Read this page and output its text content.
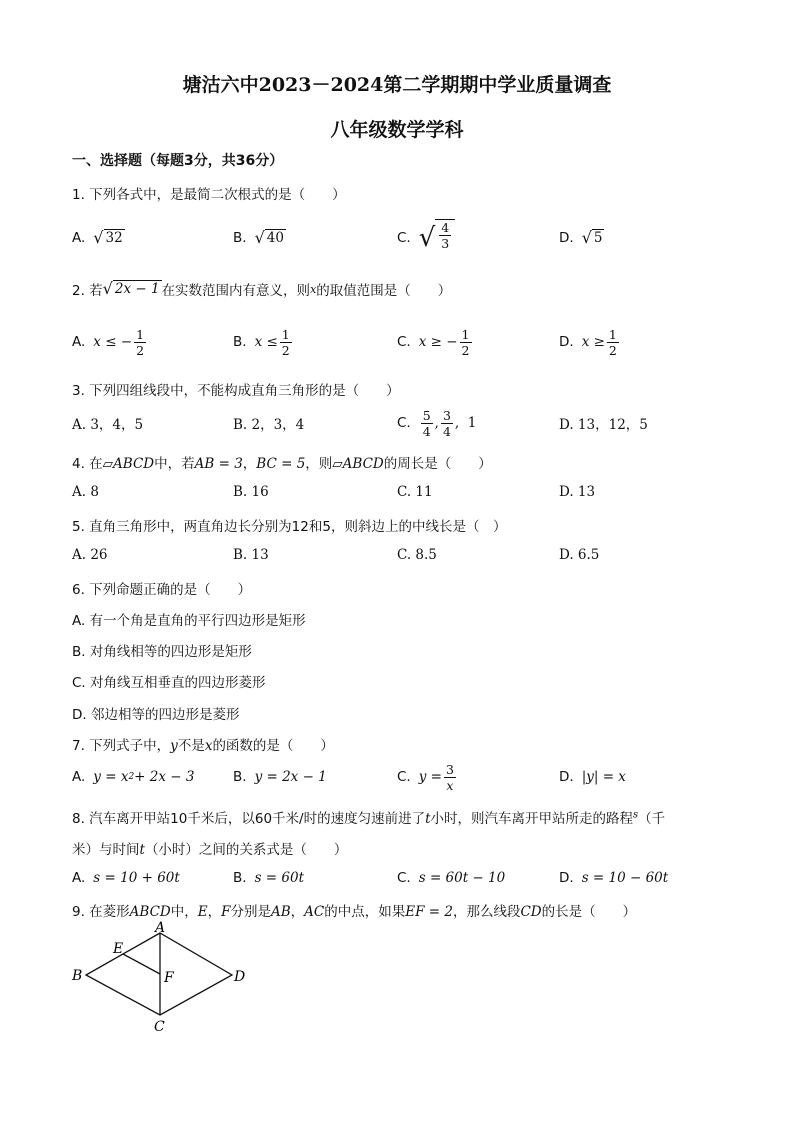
塘沽六中2023－2024第二学期期中学业质量调查
八年级数学学科
一、选择题（每题3分，共36分）
1. 下列各式中，是最简二次根式的是（　　）
A. √ 32	B. √ 40	C. √ $\frac{4}{3}$	D. √ 5
2. 若 √ 2x − 1 在实数范围内有意义，则 x 的取值范围是（　　）
A. x ≤ − $\frac{1}{2}$	B. $x \le \frac{1}{2}$	C. x ≥ − $\frac{1}{2}$	D. $x \ge \frac{1}{2}$
3. 下列四组线段中，不能构成直角三角形的是（　　）
A. 3，4，5	B. 2，3，4	C. $\frac{5}{4}$ , $\frac{3}{4}$ , 1	D. 13，12，5
4. 在▱ABCD中，若AB = 3，BC = 5，则▱ABCD的周长是（　　）
A. 8	B. 16	C. 11	D. 13
5. 直角三角形中，两直角边长分别为12和5，则斜边上的中线长是（　）
A. 26	B. 13	C. 8.5	D. 6.5
6. 下列命题正确的是（　　）
A. 有一个角是直角的平行四边形是矩形
B. 对角线相等的四边形是矩形
C. 对角线互相垂直的四边形菱形
D. 邻边相等的四边形是菱形
7. 下列式子中，y不是x的函数的是（　　）
A. y = x 2 + 2x − 3	B. y = 2x − 1	C. $y = \frac{3}{x}$	D. |y| = x
8. 汽车离开甲站10千米后，以60千米/时的速度匀速前进了t小时，则汽车离开甲站所走的路程$^s$（千
米）与时间t（小时）之间的关系式是（　　）
A. s = 10 + 60t	B. s = 60t	C. s = 60t − 10	D. s = 10 − 60t
9. 在菱形ABCD中，E，F分别是AB，AC的中点，如果EF = 2，那么线段CD的长是（　　）
A
B
C
D
E
F
